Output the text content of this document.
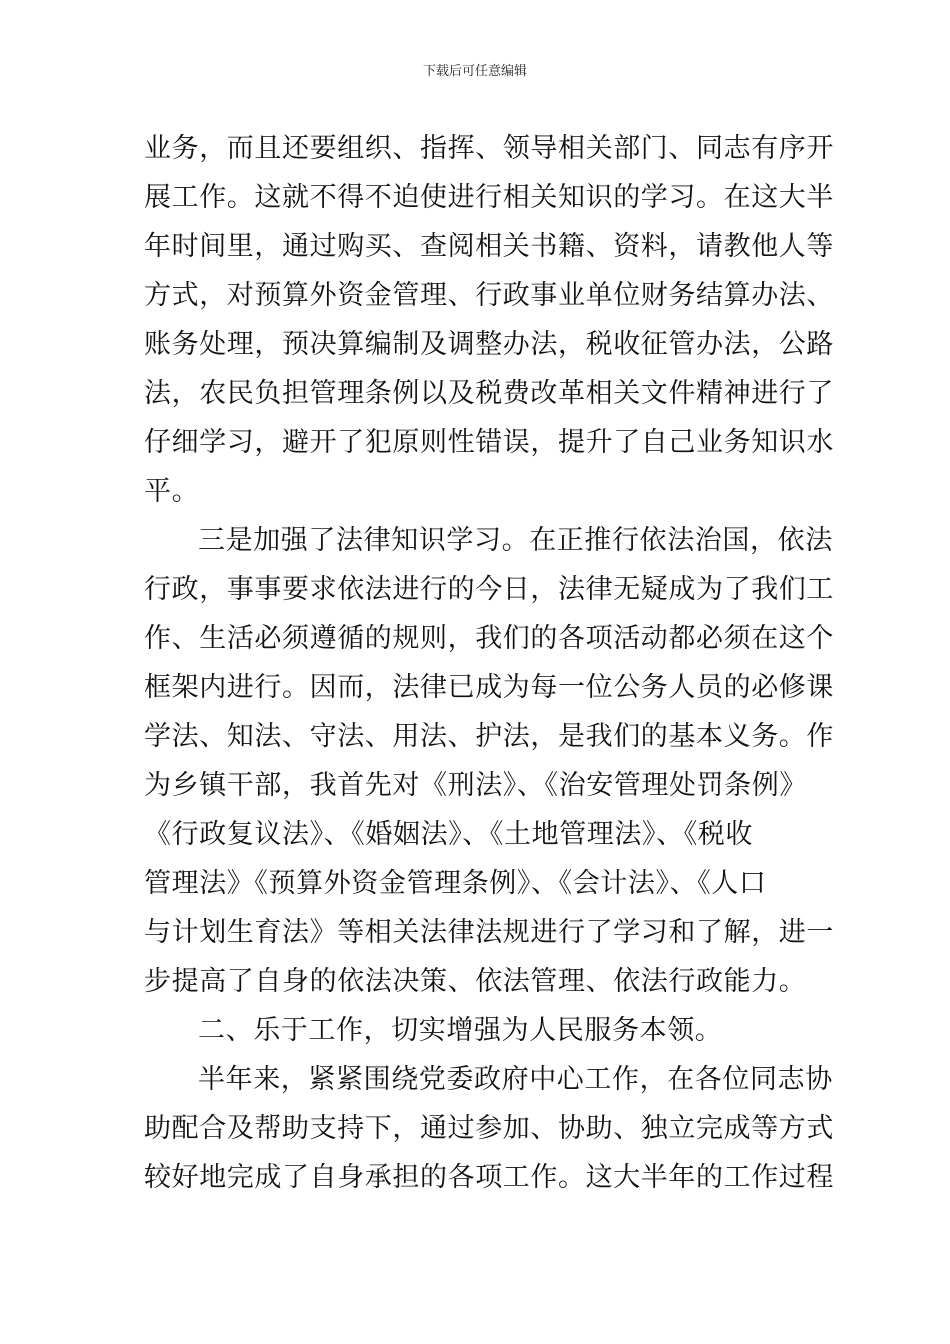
下载后可任意编辑

业务，而且还要组织、指挥、领导相关部门、同志有序开
展工作。这就不得不迫使进行相关知识的学习。在这大半
年时间里，通过购买、查阅相关书籍、资料，请教他人等
方式，对预算外资金管理、行政事业单位财务结算办法、
账务处理，预决算编制及调整办法，税收征管办法，公路
法，农民负担管理条例以及税费改革相关文件精神进行了
仔细学习，避开了犯原则性错误，提升了自己业务知识水
平。

三是加强了法律知识学习。在正推行依法治国，依法
行政，事事要求依法进行的今日，法律无疑成为了我们工
作、生活必须遵循的规则，我们的各项活动都必须在这个
框架内进行。因而，法律已成为每一位公务人员的必修课
学法、知法、守法、用法、护法，是我们的基本义务。作
为乡镇干部，我首先对《刑法》、《治安管理处罚条例》
《行政复议法》、《婚姻法》、《土地管理法》、《税收
管理法》《预算外资金管理条例》、《会计法》、《人口
与计划生育法》等相关法律法规进行了学习和了解，进一
步提高了自身的依法决策、依法管理、依法行政能力。

二、乐于工作，切实增强为人民服务本领。

半年来，紧紧围绕党委政府中心工作，在各位同志协
助配合及帮助支持下，通过参加、协助、独立完成等方式
较好地完成了自身承担的各项工作。这大半年的工作过程
